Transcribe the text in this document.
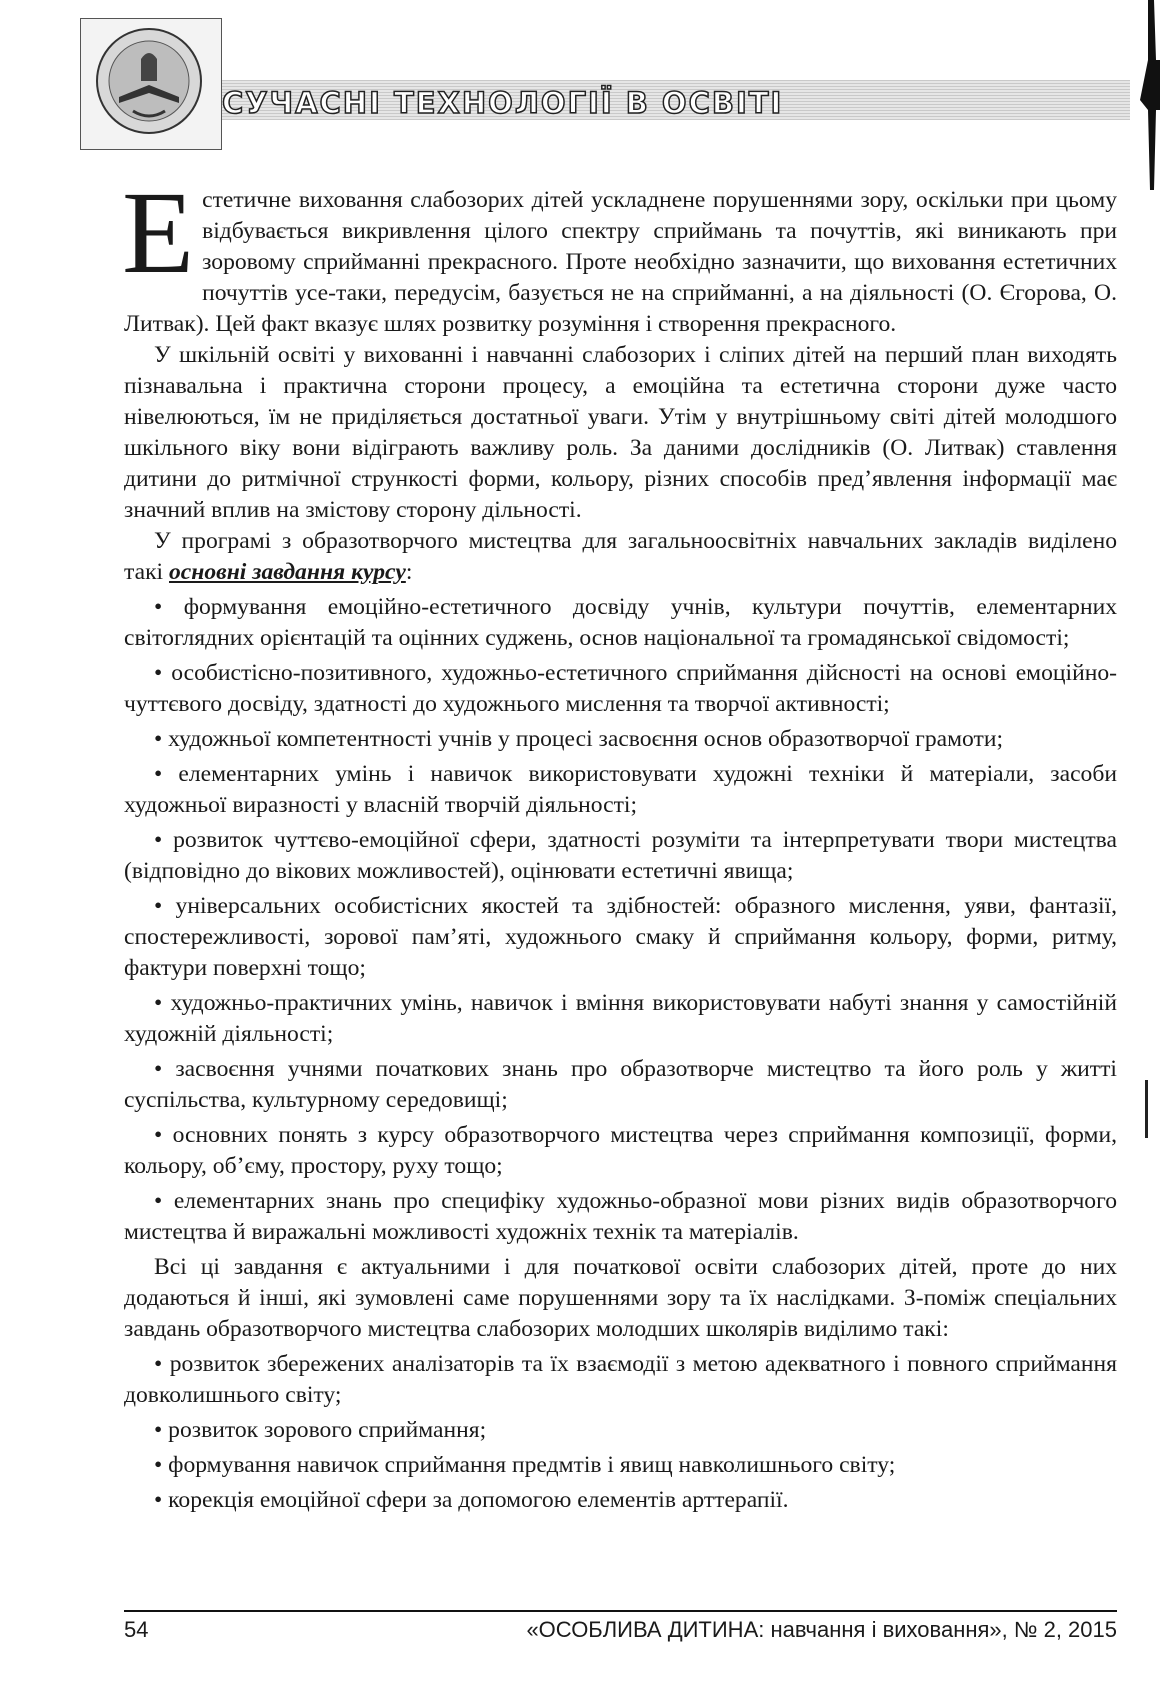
СУЧАСНІ ТЕХНОЛОГІЇ В ОСВІТІ

Естетичне виховання слабозорих дітей ускладнене порушеннями зору, оскільки при цьому відбувається викривлення цілого спектру сприймань та почуттів, які виникають при зоровому сприйманні прекрасного. Проте необхідно зазначити, що виховання естетичних почуттів усе-таки, передусім, базується не на сприйманні, а на діяльності (О. Єгорова, О. Литвак). Цей факт вказує шлях розвитку розуміння і створення прекрасного.

У шкільній освіті у вихованні і навчанні слабозорих і сліпих дітей на перший план виходять пізнавальна і практична сторони процесу, а емоційна та естетична сторони дуже часто нівелюються, їм не приділяється достатньої уваги. Утім у внутрішньому світі дітей молодшого шкільного віку вони відіграють важливу роль. За даними дослідників (О. Литвак) ставлення дитини до ритмічної стрункості форми, кольору, різних способів пред’явлення інформації має значний вплив на змістову сторону дільності.

У програмі з образотворчого мистецтва для загальноосвітніх навчальних закладів виділено такі основні завдання курсу:

• формування емоційно-естетичного досвіду учнів, культури почуттів, елементарних світоглядних орієнтацій та оцінних суджень, основ національної та громадянської свідомості;

• особистісно-позитивного, художньо-естетичного сприймання дійсності на основі емоційно-чуттєвого досвіду, здатності до художнього мислення та творчої активності;

• художньої компетентності учнів у процесі засвоєння основ образотворчої грамоти;

• елементарних умінь і навичок використовувати художні техніки й матеріали, засоби художньої виразності у власній творчій діяльності;

• розвиток чуттєво-емоційної сфери, здатності розуміти та інтерпретувати твори мистецтва (відповідно до вікових можливостей), оцінювати естетичні явища;

• універсальних особистісних якостей та здібностей: образного мислення, уяви, фантазії, спостережливості, зорової пам’яті, художнього смаку й сприймання кольору, форми, ритму, фактури поверхні тощо;

• художньо-практичних умінь, навичок і вміння використовувати набуті знання у самостійній художній діяльності;

• засвоєння учнями початкових знань про образотворче мистецтво та його роль у житті суспільства, культурному середовищі;

• основних понять з курсу образотворчого мистецтва через сприймання композиції, форми, кольору, об’єму, простору, руху тощо;

• елементарних знань про специфіку художньо-образної мови різних видів образотворчого мистецтва й виражальні можливості художніх технік та матеріалів.

Всі ці завдання є актуальними і для початкової освіти слабозорих дітей, проте до них додаються й інші, які зумовлені саме порушеннями зору та їх наслідками. З-поміж спеціальних завдань образотворчого мистецтва слабозорих молодших школярів виділимо такі:

• розвиток збережених аналізаторів та їх взаємодії з метою адекватного і повного сприймання довколишнього світу;

• розвиток зорового сприймання;

• формування навичок сприймання предмтів і явищ навколишнього світу;

• корекція емоційної сфери за допомогою елементів арттерапії.

54	«ОСОБЛИВА ДИТИНА: навчання і виховання», № 2, 2015
